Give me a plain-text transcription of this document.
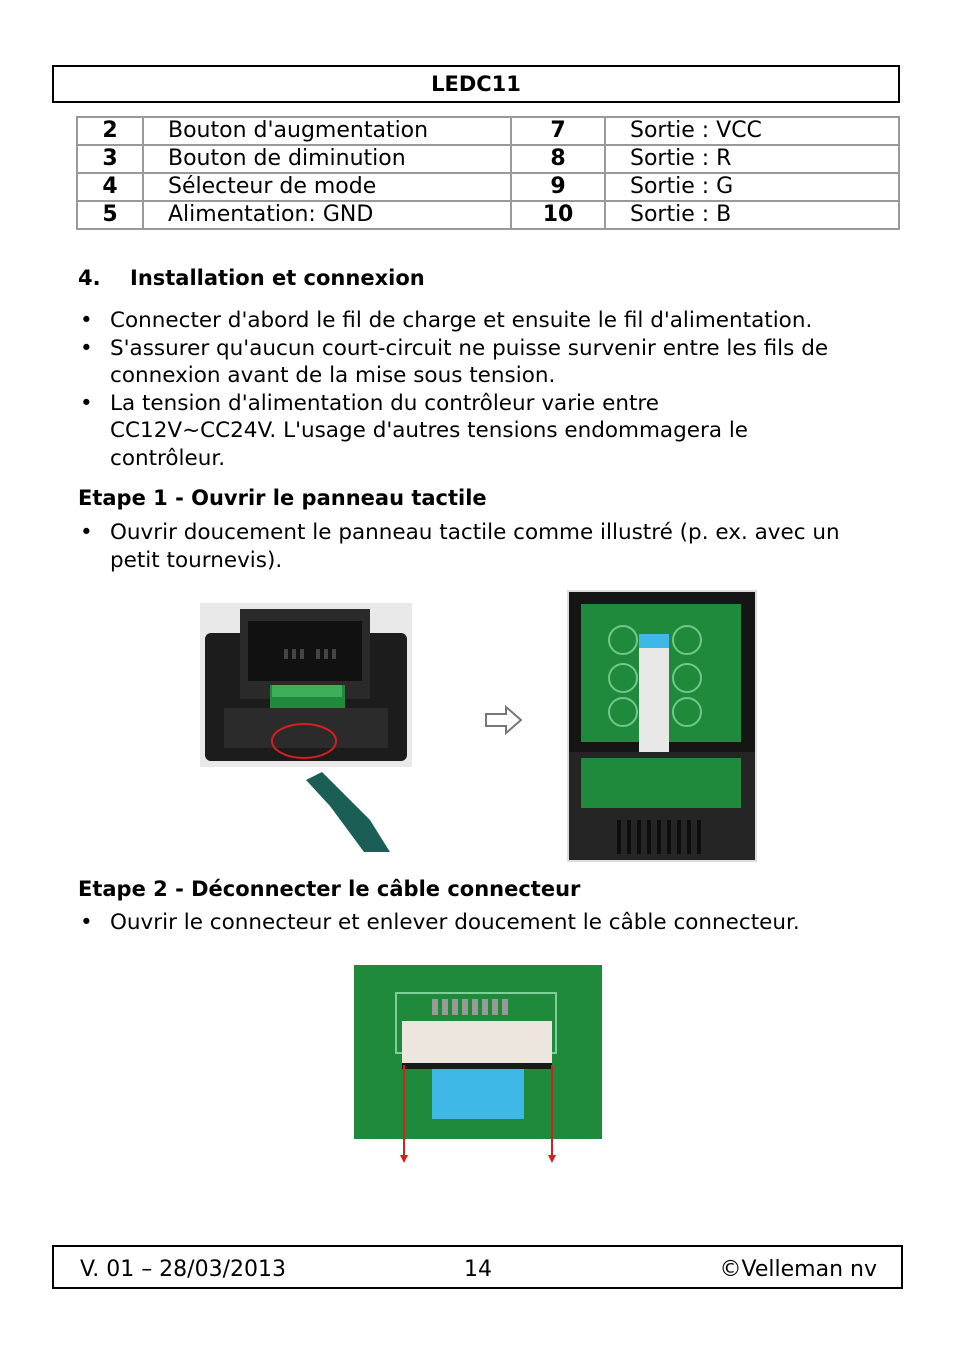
LEDC11
2	Bouton d'augmentation	7	Sortie : VCC
3	Bouton de diminution	8	Sortie : R
4	Sélecteur de mode	9	Sortie : G
5	Alimentation: GND	10	Sortie : B
4. Installation et connexion
• Connecter d'abord le fil de charge et ensuite le fil d'alimentation.
• S'assurer qu'aucun court-circuit ne puisse survenir entre les fils de connexion avant de la mise sous tension.
• La tension d'alimentation du contrôleur varie entre CC12V~CC24V. L'usage d'autres tensions endommagera le contrôleur.
Etape 1 - Ouvrir le panneau tactile
• Ouvrir doucement le panneau tactile comme illustré (p. ex. avec un petit tournevis).
Etape 2 - Déconnecter le câble connecteur
• Ouvrir le connecteur et enlever doucement le câble connecteur.
V. 01 – 28/03/2013	14	©Velleman nv
